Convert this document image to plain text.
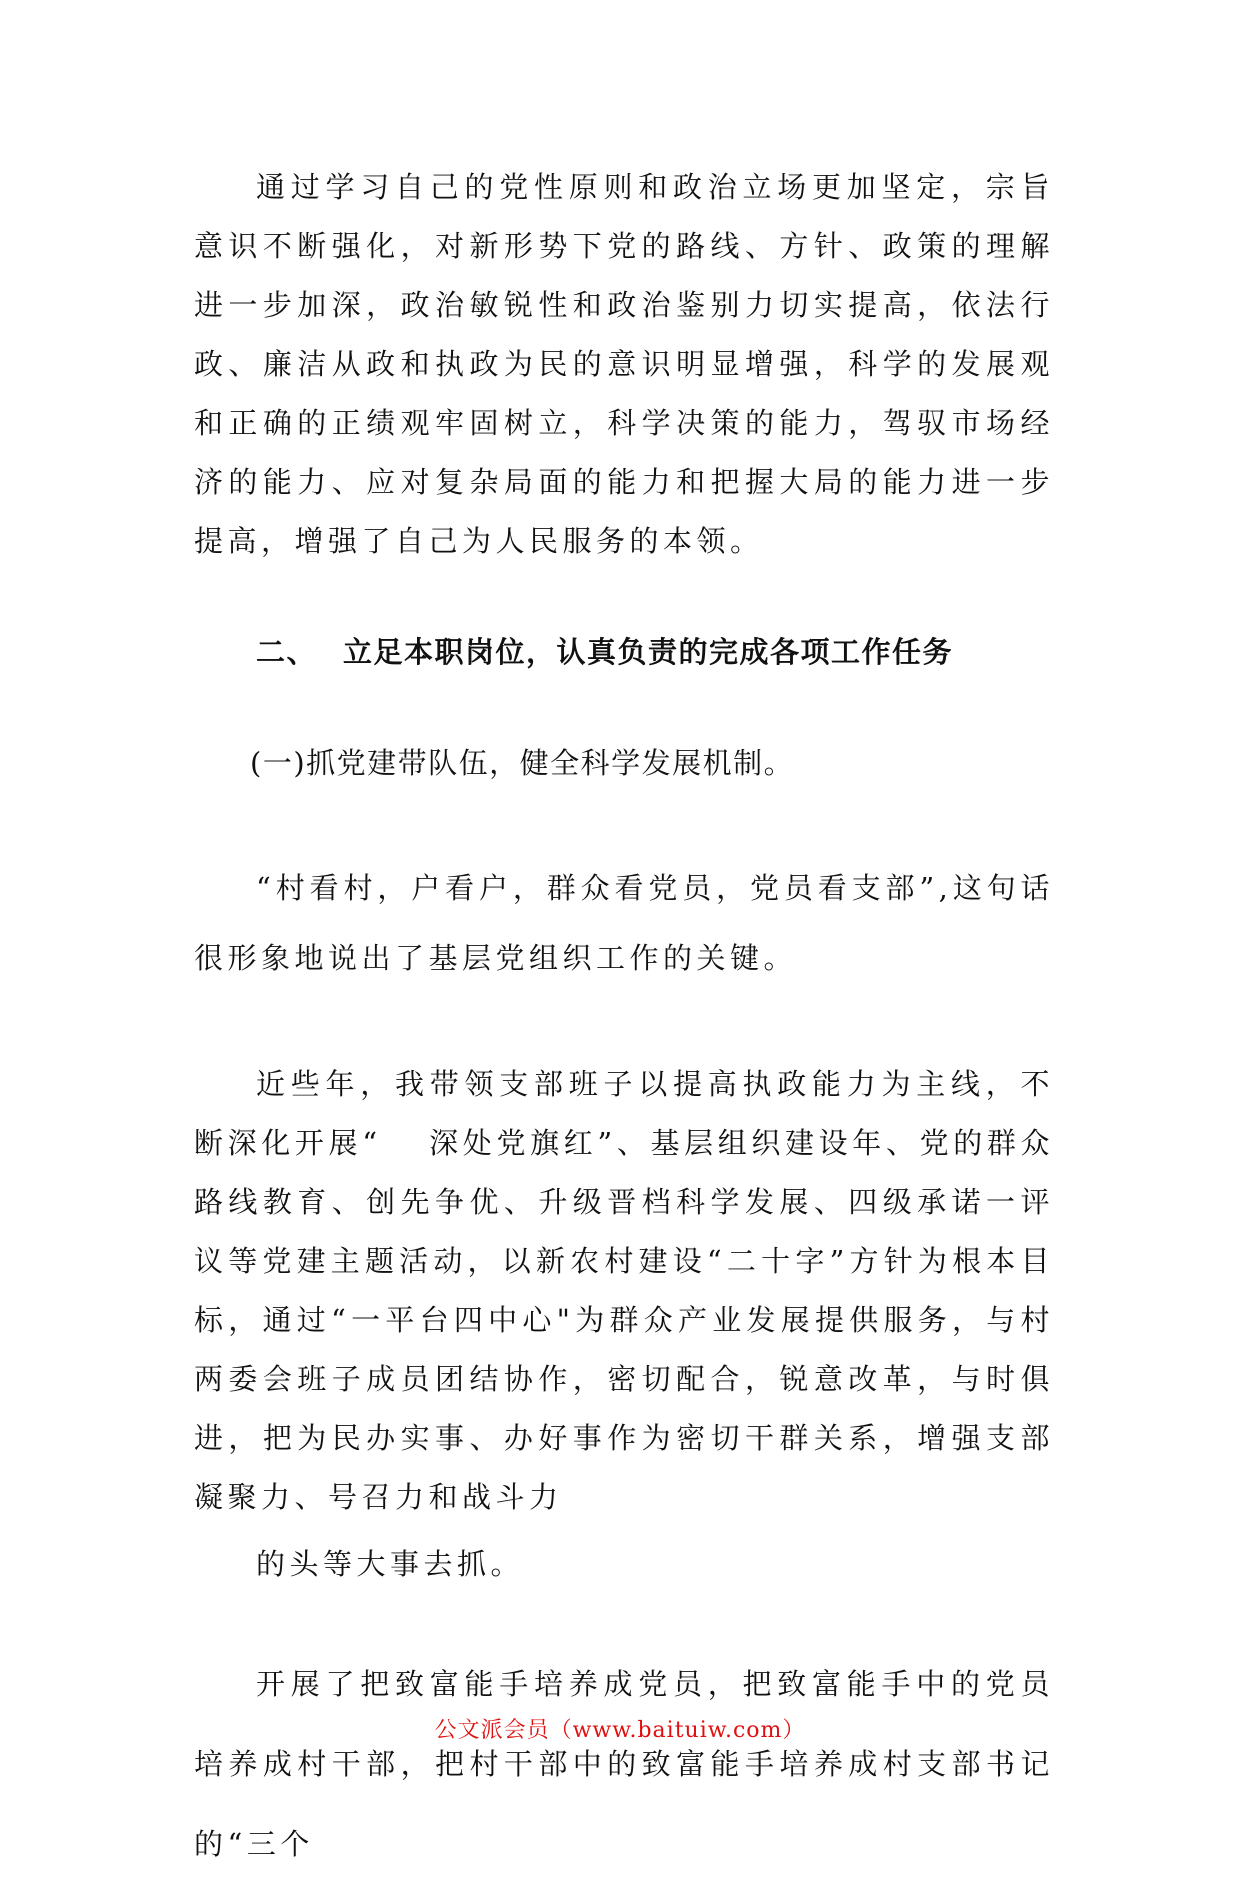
通过学习自己的党性原则和政治立场更加坚定，宗旨意识不断强化，对新形势下党的路线、方针、政策的理解进一步加深，政治敏锐性和政治鉴别力切实提高，依法行政、廉洁从政和执政为民的意识明显增强，科学的发展观和正确的正绩观牢固树立，科学决策的能力，驾驭市场经济的能力、应对复杂局面的能力和把握大局的能力进一步提高，增强了自己为人民服务的本领。

二、 立足本职岗位，认真负责的完成各项工作任务

(一)抓党建带队伍，健全科学发展机制。

“村看村，户看户，群众看党员，党员看支部”,这句话很形象地说出了基层党组织工作的关键。

近些年，我带领支部班子以提高执政能力为主线，不断深化开展“　 深处党旗红”、基层组织建设年、党的群众路线教育、创先争优、升级晋档科学发展、四级承诺一评议等党建主题活动，以新农村建设“二十字”方针为根本目标，通过“一平台四中心"为群众产业发展提供服务，与村两委会班子成员团结协作，密切配合，锐意改革，与时俱进，把为民办实事、办好事作为密切干群关系，增强支部凝聚力、号召力和战斗力
的头等大事去抓。

开展了把致富能手培养成党员，把致富能手中的党员培养成村干部，把村干部中的致富能手培养成村支部书记的“三个

公文派会员（www.baituiw.com）
